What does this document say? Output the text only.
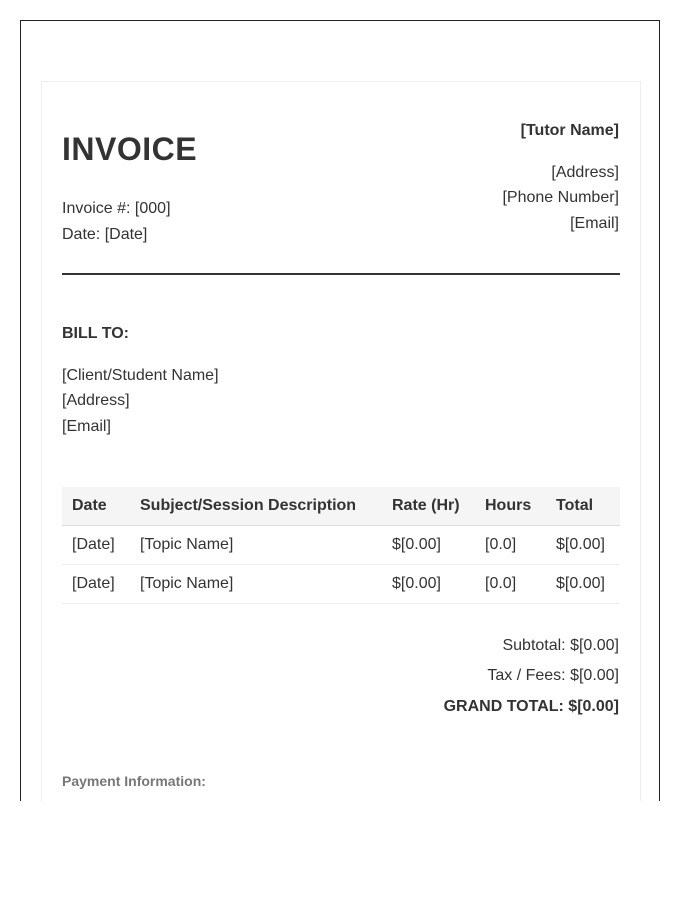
INVOICE
Invoice #: [000]
Date: [Date]
[Tutor Name]
[Address]
[Phone Number]
[Email]
BILL TO:
[Client/Student Name]
[Address]
[Email]
Date	Subject/Session Description	Rate (Hr)	Hours	Total
[Date]	[Topic Name]	$[0.00]	[0.0]	$[0.00]
[Date]	[Topic Name]	$[0.00]	[0.0]	$[0.00]
Subtotal: $[0.00]
Tax / Fees: $[0.00]
GRAND TOTAL: $[0.00]
Payment Information:
